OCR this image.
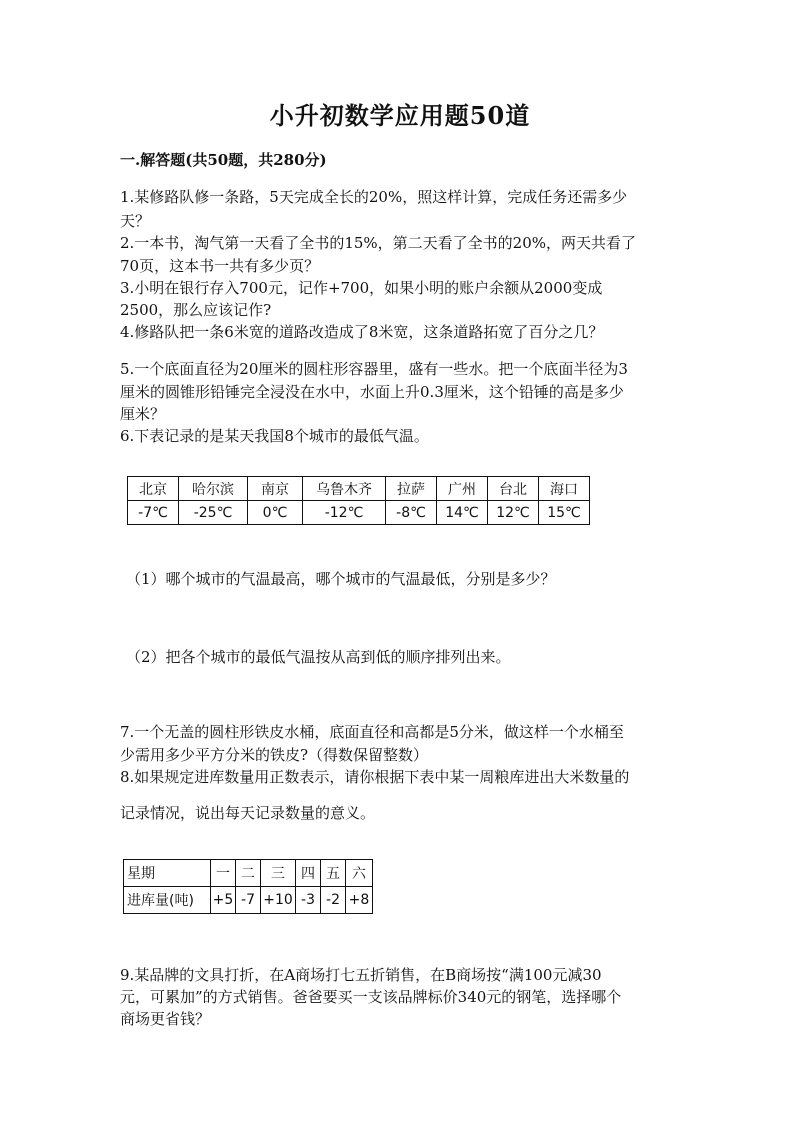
小升初数学应用题50道
一.解答题(共50题，共280分)
1.某修路队修一条路，5天完成全长的20%，照这样计算，完成任务还需多少
天？
2.一本书，淘气第一天看了全书的15%，第二天看了全书的20%，两天共看了
70页，这本书一共有多少页？
3.小明在银行存入700元，记作+700，如果小明的账户余额从2000变成
2500，那么应该记作?
4.修路队把一条6米宽的道路改造成了8米宽，这条道路拓宽了百分之几？
5.一个底面直径为20厘米的圆柱形容器里，盛有一些水。把一个底面半径为3
厘米的圆锥形铅锤完全浸没在水中，水面上升0.3厘米，这个铅锤的高是多少
厘米？
6.下表记录的是某天我国8个城市的最低气温。
北京	哈尔滨	南京	乌鲁木齐	拉萨	广州	台北	海口
-7℃	-25℃	0℃	-12℃	-8℃	14℃	12℃	15℃
（1）哪个城市的气温最高，哪个城市的气温最低，分别是多少？
（2）把各个城市的最低气温按从高到低的顺序排列出来。
7.一个无盖的圆柱形铁皮水桶，底面直径和高都是5分米，做这样一个水桶至
少需用多少平方分米的铁皮?（得数保留整数）
8.如果规定进库数量用正数表示，请你根据下表中某一周粮库进出大米数量的
记录情况，说出每天记录数量的意义。
星期	一	二	三	四	五	六
进库量(吨)	+5	-7	+10	-3	-2	+8
9.某品牌的文具打折，在A商场打七五折销售，在B商场按“满100元减30
元，可累加”的方式销售。爸爸要买一支该品牌标价340元的钢笔，选择哪个
商场更省钱？
